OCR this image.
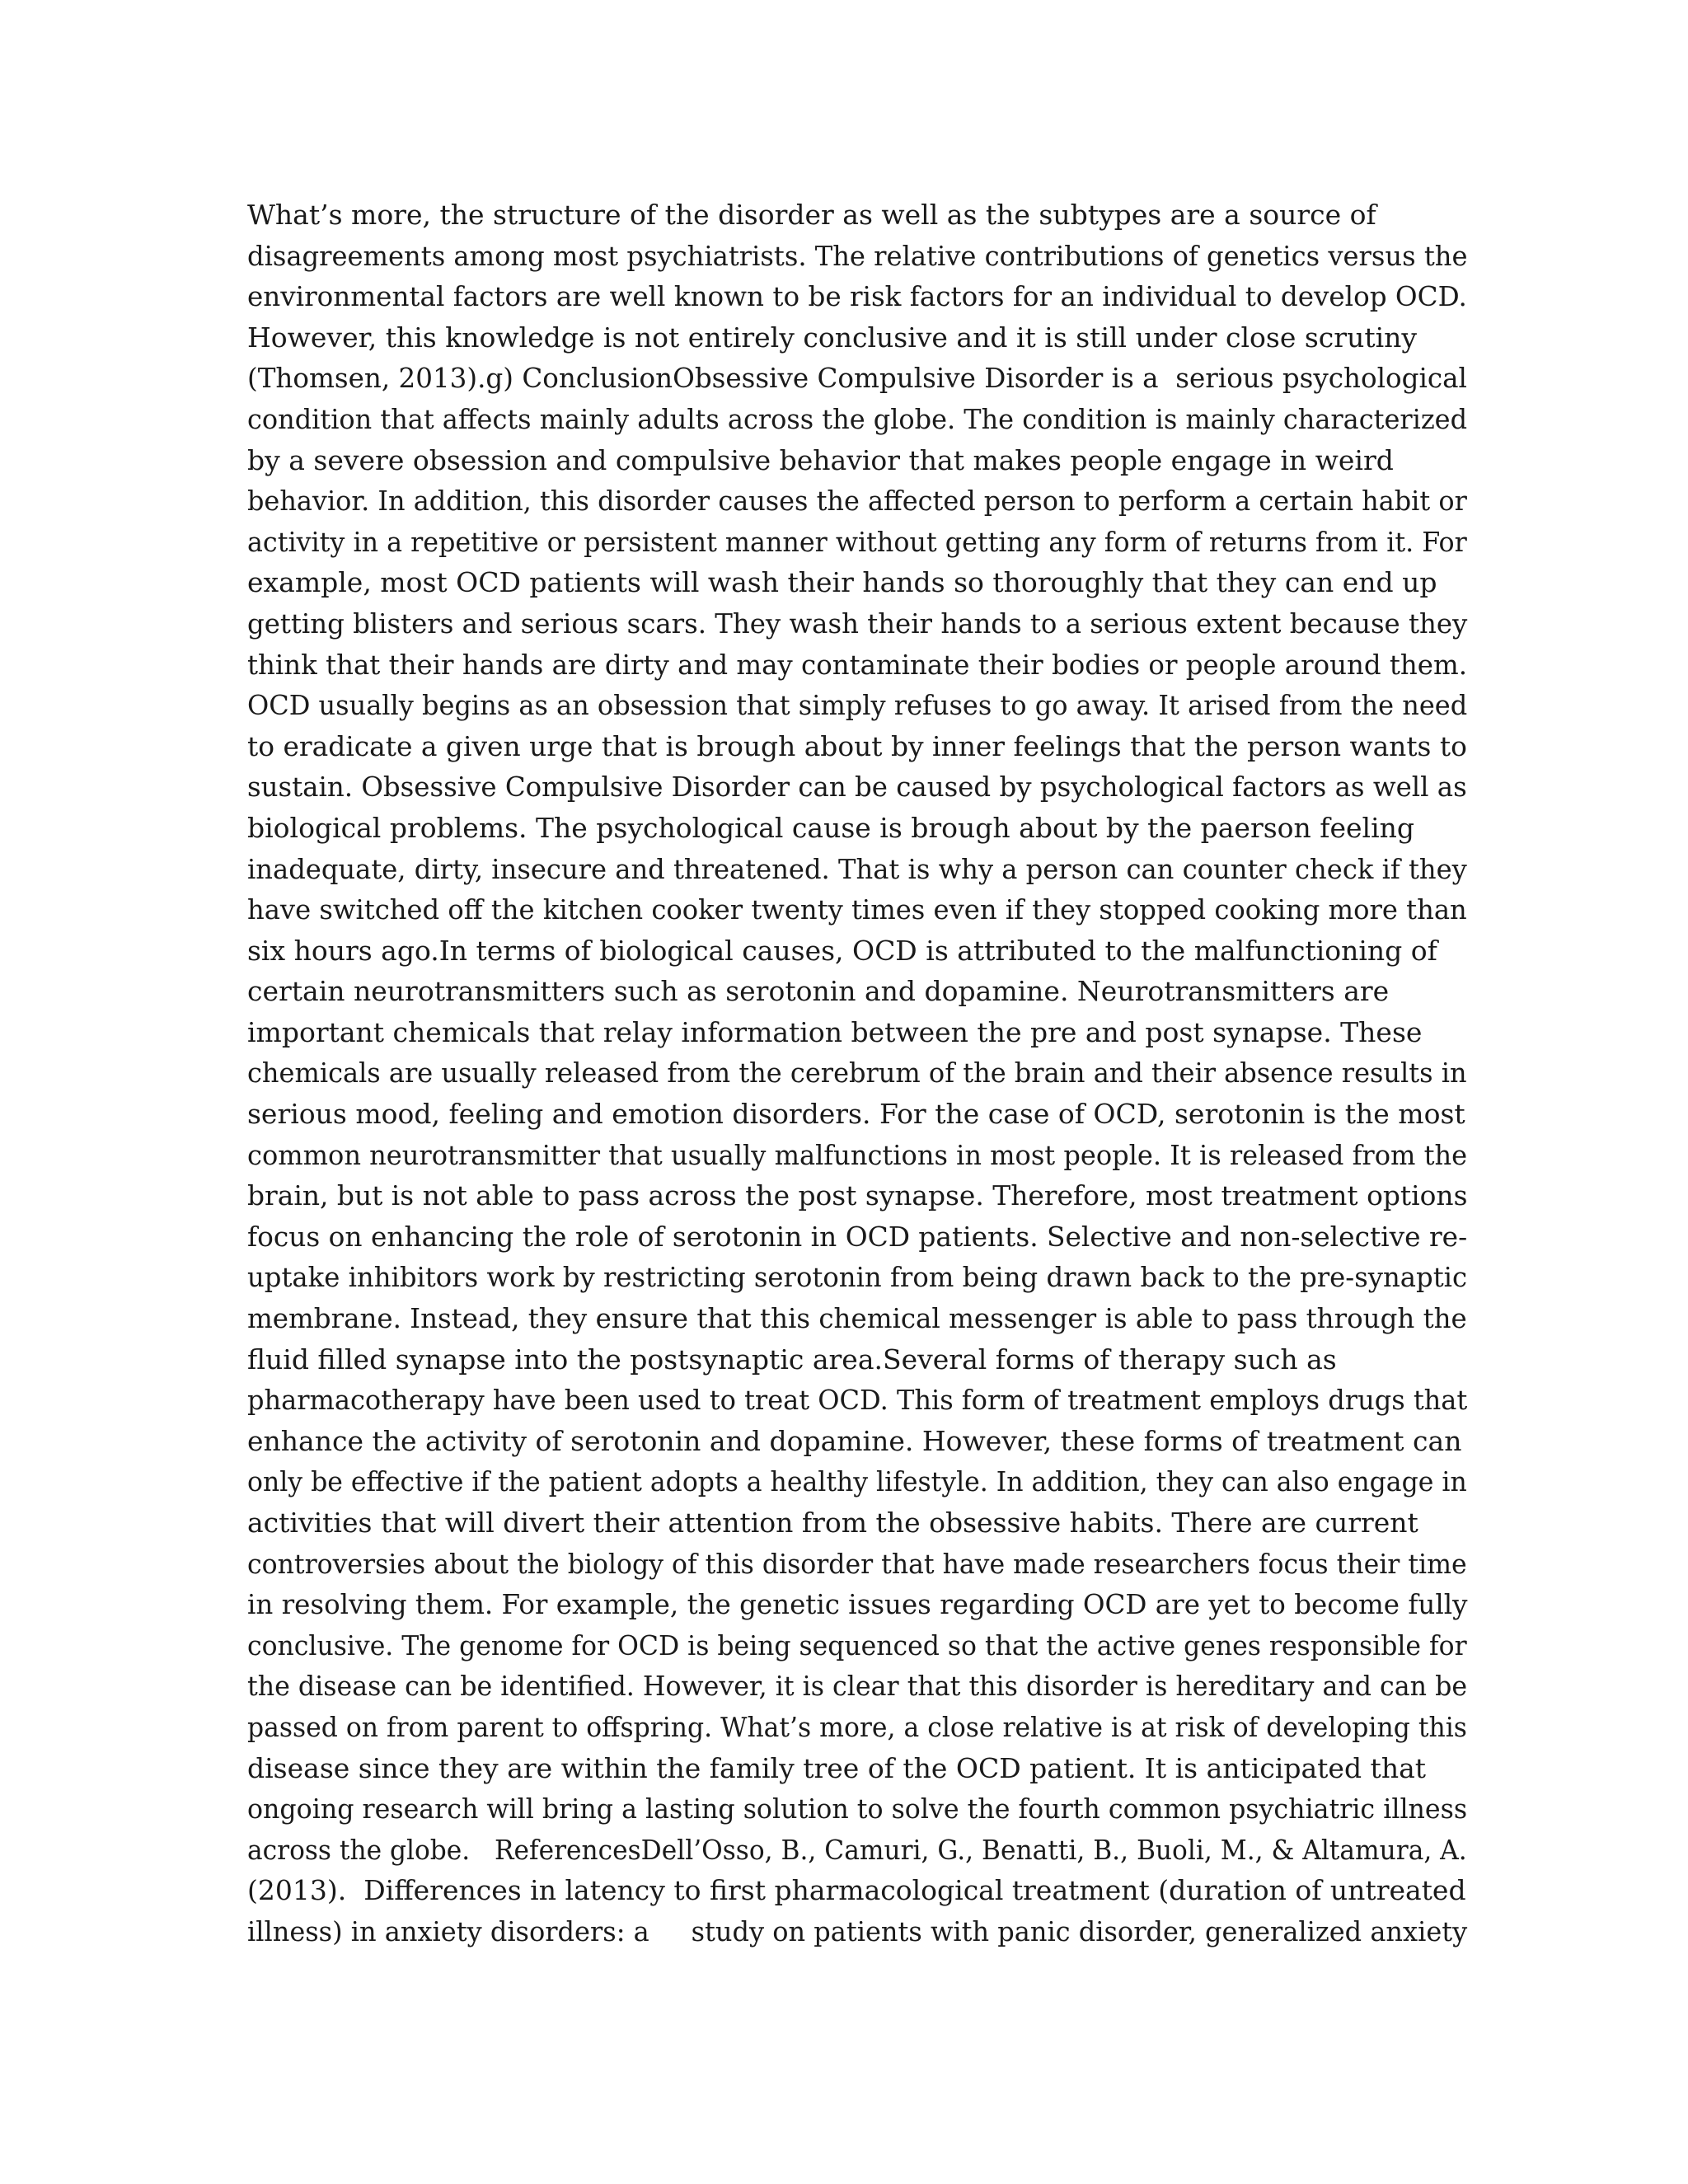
What’s more, the structure of the disorder as well as the subtypes are a source of
disagreements among most psychiatrists. The relative contributions of genetics versus the
environmental factors are well known to be risk factors for an individual to develop OCD.
However, this knowledge is not entirely conclusive and it is still under close scrutiny
(Thomsen, 2013).g) ConclusionObsessive Compulsive Disorder is a  serious psychological
condition that affects mainly adults across the globe. The condition is mainly characterized
by a severe obsession and compulsive behavior that makes people engage in weird
behavior. In addition, this disorder causes the affected person to perform a certain habit or
activity in a repetitive or persistent manner without getting any form of returns from it. For
example, most OCD patients will wash their hands so thoroughly that they can end up
getting blisters and serious scars. They wash their hands to a serious extent because they
think that their hands are dirty and may contaminate their bodies or people around them.
OCD usually begins as an obsession that simply refuses to go away. It arised from the need
to eradicate a given urge that is brough about by inner feelings that the person wants to
sustain. Obsessive Compulsive Disorder can be caused by psychological factors as well as
biological problems. The psychological cause is brough about by the paerson feeling
inadequate, dirty, insecure and threatened. That is why a person can counter check if they
have switched off the kitchen cooker twenty times even if they stopped cooking more than
six hours ago.In terms of biological causes, OCD is attributed to the malfunctioning of
certain neurotransmitters such as serotonin and dopamine. Neurotransmitters are
important chemicals that relay information between the pre and post synapse. These
chemicals are usually released from the cerebrum of the brain and their absence results in
serious mood, feeling and emotion disorders. For the case of OCD, serotonin is the most
common neurotransmitter that usually malfunctions in most people. It is released from the
brain, but is not able to pass across the post synapse. Therefore, most treatment options
focus on enhancing the role of serotonin in OCD patients. Selective and non-selective re-
uptake inhibitors work by restricting serotonin from being drawn back to the pre-synaptic
membrane. Instead, they ensure that this chemical messenger is able to pass through the
fluid filled synapse into the postsynaptic area.Several forms of therapy such as
pharmacotherapy have been used to treat OCD. This form of treatment employs drugs that
enhance the activity of serotonin and dopamine. However, these forms of treatment can
only be effective if the patient adopts a healthy lifestyle. In addition, they can also engage in
activities that will divert their attention from the obsessive habits. There are current
controversies about the biology of this disorder that have made researchers focus their time
in resolving them. For example, the genetic issues regarding OCD are yet to become fully
conclusive. The genome for OCD is being sequenced so that the active genes responsible for
the disease can be identified. However, it is clear that this disorder is hereditary and can be
passed on from parent to offspring. What’s more, a close relative is at risk of developing this
disease since they are within the family tree of the OCD patient. It is anticipated that
ongoing research will bring a lasting solution to solve the fourth common psychiatric illness
across the globe.   ReferencesDell’Osso, B., Camuri, G., Benatti, B., Buoli, M., & Altamura, A.
(2013).  Differences in latency to first pharmacological treatment (duration of untreated
illness) in anxiety disorders: a     study on patients with panic disorder, generalized anxiety
